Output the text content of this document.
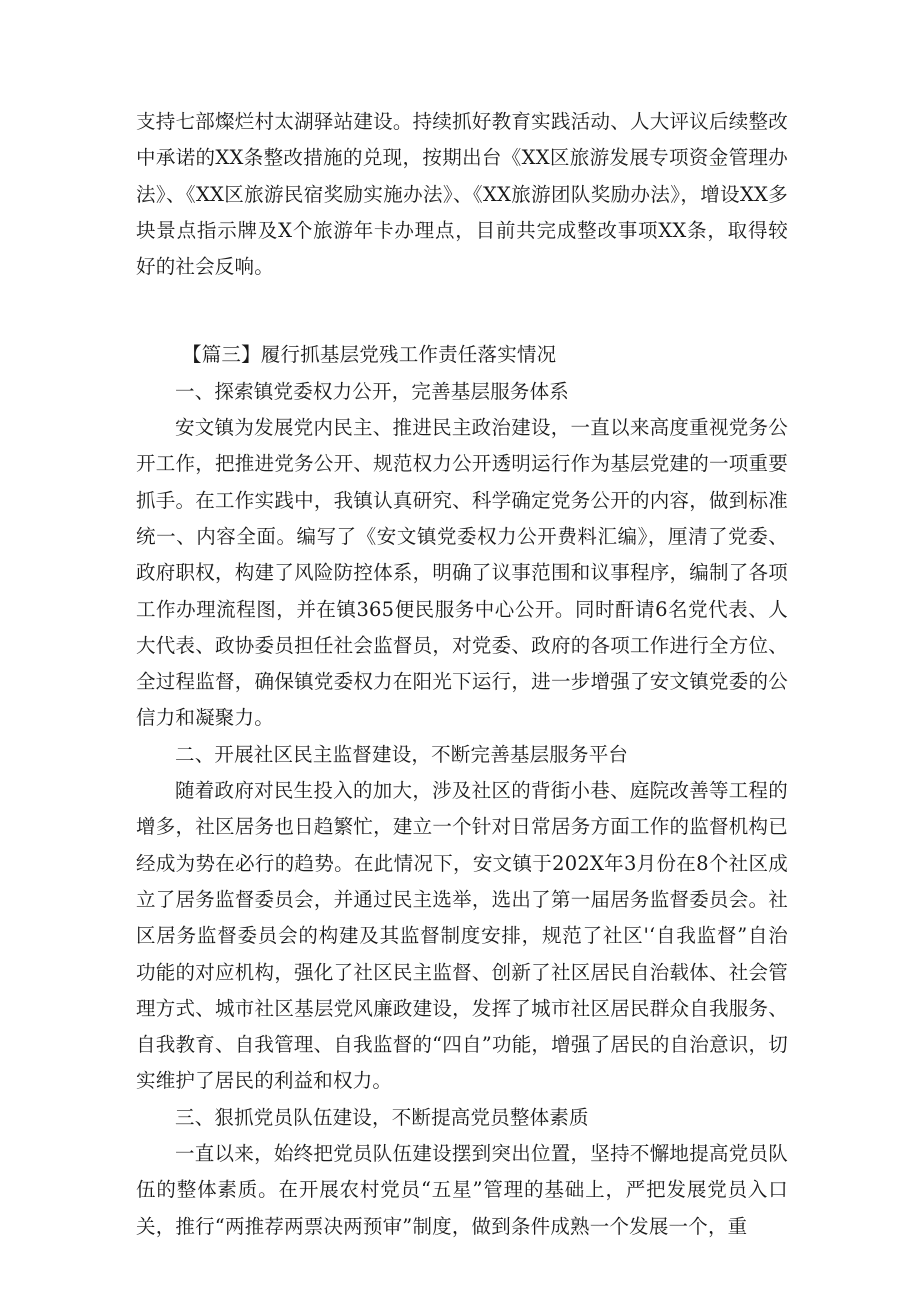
支持七部燦烂村太湖驿站建设。持续抓好教育实践活动、人大评议后续整改中承诺的XX条整改措施的兑现，按期出台《XX区旅游发展专项资金管理办法》、《XX区旅游民宿奖励实施办法》、《XX旅游团队奖励办法》，增设XX多块景点指示牌及X个旅游年卡办理点，目前共完成整改事项XX条，取得较好的社会反响。

【篇三】履行抓基层党残工作责任落实情况

一、探索镇党委权力公开，完善基层服务体系

安文镇为发展党内民主、推进民主政治建设，一直以来高度重视党务公开工作，把推进党务公开、规范权力公开透明运行作为基层党建的一项重要抓手。在工作实践中，我镇认真研究、科学确定党务公开的内容，做到标准统一、内容全面。编写了《安文镇党委权力公开费料汇编》，厘清了党委、政府职权，构建了风险防控体系，明确了议事范围和议事程序，编制了各项工作办理流程图，并在镇365便民服务中心公开。同时酐请6名党代表、人大代表、政协委员担任社会监督员，对党委、政府的各项工作进行全方位、全过程监督，确保镇党委权力在阳光下运行，进一步增强了安文镇党委的公信力和凝聚力。

二、开展社区民主监督建设，不断完善基层服务平台

随着政府对民生投入的加大，涉及社区的背街小巷、庭院改善等工程的增多，社区居务也日趋繁忙，建立一个针对日常居务方面工作的监督机构已经成为势在必行的趋势。在此情况下，安文镇于202X年3月份在8个社区成立了居务监督委员会，并通过民主选举，选出了第一届居务监督委员会。社区居务监督委员会的构建及其监督制度安排，规范了社区'‘自我监督”自治功能的对应机构，强化了社区民主监督、创新了社区居民自治载体、社会管理方式、城市社区基层党风廉政建设，发挥了城市社区居民群众自我服务、自我教育、自我管理、自我监督的“四自”功能，增强了居民的自治意识，切实维护了居民的利益和权力。

三、狠抓党员队伍建设，不断提高党员整体素质

一直以来，始终把党员队伍建设摆到突出位置，坚持不懈地提高党员队伍的整体素质。在开展农村党员“五星”管理的基础上，严把发展党员入口关，推行“两推荐两票决两预审”制度，做到条件成熟一个发展一个，重
